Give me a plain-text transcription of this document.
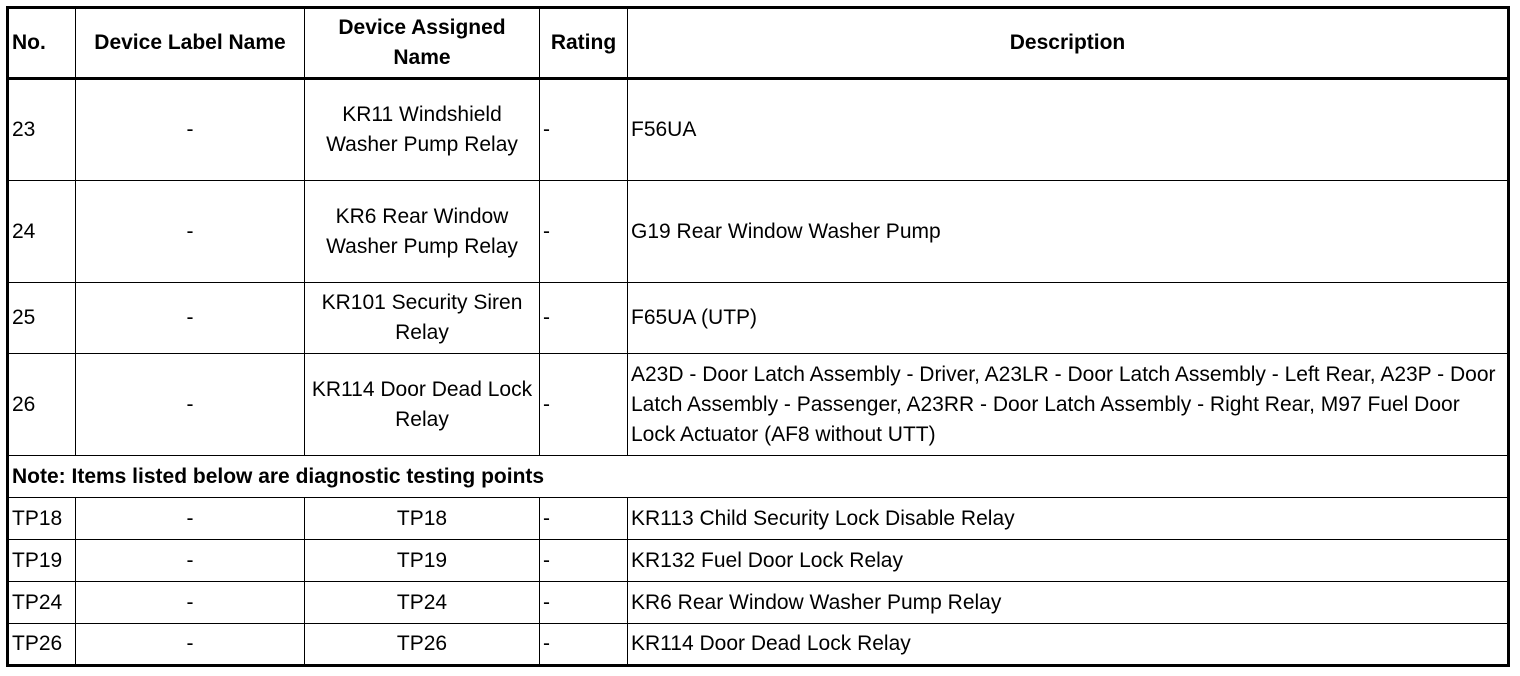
No.	Device Label Name	Device Assigned Name	Rating	Description
23	-	KR11 Windshield Washer Pump Relay	-	F56UA
24	-	KR6 Rear Window Washer Pump Relay	-	G19 Rear Window Washer Pump
25	-	KR101 Security Siren Relay	-	F65UA (UTP)
26	-	KR114 Door Dead Lock Relay	-	A23D - Door Latch Assembly - Driver, A23LR - Door Latch Assembly - Left Rear, A23P - Door Latch Assembly - Passenger, A23RR - Door Latch Assembly - Right Rear, M97 Fuel Door Lock Actuator (AF8 without UTT)
Note: Items listed below are diagnostic testing points				
TP18	-	TP18	-	KR113 Child Security Lock Disable Relay
TP19	-	TP19	-	KR132 Fuel Door Lock Relay
TP24	-	TP24	-	KR6 Rear Window Washer Pump Relay
TP26	-	TP26	-	KR114 Door Dead Lock Relay
